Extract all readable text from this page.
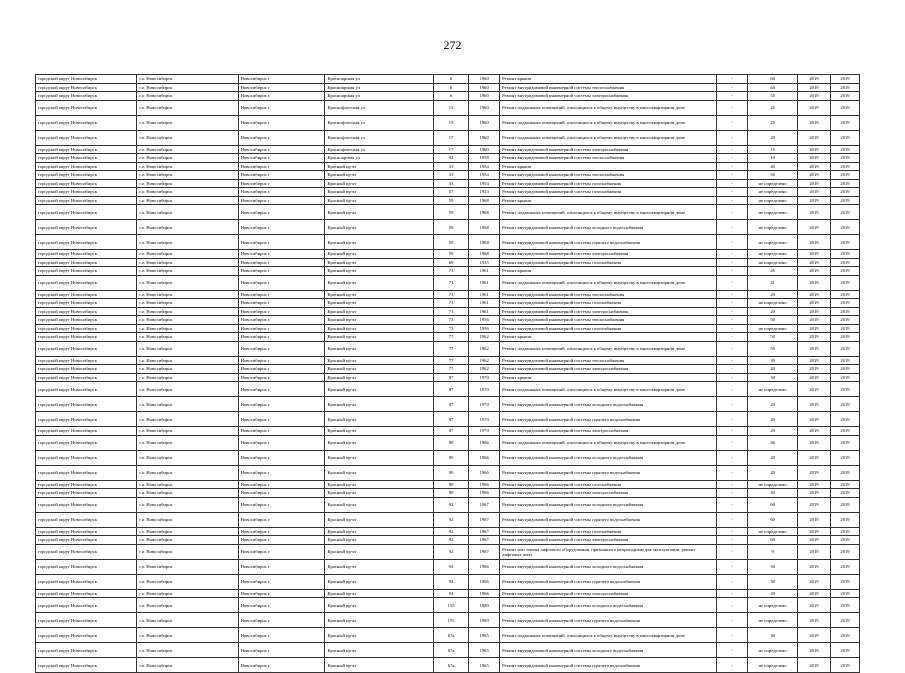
272
городской округ Новосибирск	г.о. Новосибирск	Новосибирск г	Красноярская ул	6	1960	Ремонт крыши	-	60	2019	2019
городской округ Новосибирск	г.о. Новосибирск	Новосибирск г	Красноярская ул	6	1960	Ремонт внутридомовой инженерной системы теплоснабжения	-	65	2019	2019
городской округ Новосибирск	г.о. Новосибирск	Новосибирск г	Красноярская ул	6	1960	Ремонт внутридомовой инженерной системы электроснабжения	-	55	2019	2019
городской округ Новосибирск	г.о. Новосибирск	Новосибирск г	Краснофлотская ул	13	1960	Ремонт подвальных помещений, относящихся к общему имуществу в многоквартирном доме	-	25	2019	2019
городской округ Новосибирск	г.о. Новосибирск	Новосибирск г	Краснофлотская ул	15	1960	Ремонт подвальных помещений, относящихся к общему имуществу в многоквартирном доме	-	25	2019	2019
городской округ Новосибирск	г.о. Новосибирск	Новосибирск г	Краснофлотская ул	17	1960	Ремонт подвальных помещений, относящихся к общему имуществу в многоквартирном доме	-	29	2019	2019
городской округ Новосибирск	г.о. Новосибирск	Новосибирск г	Краснофлотская ул	17	1960	Ремонт внутридомовой инженерной системы электроснабжения	-	15	2019	2019
городской округ Новосибирск	г.о. Новосибирск	Новосибирск г	Красноярская ул	32	1958	Ремонт внутридомовой инженерной системы теплоснабжения	-	10	2019	2019
городской округ Новосибирск	г.о. Новосибирск	Новосибирск г	Красный пр-кт	33	1954	Ремонт крыши	-	40	2019	2019
городской округ Новосибирск	г.о. Новосибирск	Новосибирск г	Красный пр-кт	33	1954	Ремонт внутридомовой инженерной системы теплоснабжения	-	50	2019	2019
городской округ Новосибирск	г.о. Новосибирск	Новосибирск г	Красный пр-кт	33	1954	Ремонт внутридомовой инженерной системы газоснабжения	-	не определено	2019	2019
городской округ Новосибирск	г.о. Новосибирск	Новосибирск г	Красный пр-кт	57	1933	Ремонт внутридомовой инженерной системы газоснабжения	-	не определено	2019	2019
городской округ Новосибирск	г.о. Новосибирск	Новосибирск г	Красный пр-кт	59	1968	Ремонт крыши	-	не определено	2019	2019
городской округ Новосибирск	г.о. Новосибирск	Новосибирск г	Красный пр-кт	59	1968	Ремонт подвальных помещений, относящихся к общему имуществу в многоквартирном доме	-	не определено	2019	2019
городской округ Новосибирск	г.о. Новосибирск	Новосибирск г	Красный пр-кт	59	1968	Ремонт внутридомовой инженерной системы холодного водоснабжения	-	не определено	2019	2019
городской округ Новосибирск	г.о. Новосибирск	Новосибирск г	Красный пр-кт	59	1968	Ремонт внутридомовой инженерной системы горячего водоснабжения	-	не определено	2019	2019
городской округ Новосибирск	г.о. Новосибирск	Новосибирск г	Красный пр-кт	59	1968	Ремонт внутридомовой инженерной системы электроснабжения	-	не определено	2019	2019
городской округ Новосибирск	г.о. Новосибирск	Новосибирск г	Красный пр-кт	69	1935	Ремонт внутридомовой инженерной системы газоснабжения	-	не определено	2019	2019
городской округ Новосибирск	г.о. Новосибирск	Новосибирск г	Красный пр-кт	71	1961	Ремонт крыши	-	45	2019	2019
городской округ Новосибирск	г.о. Новосибирск	Новосибирск г	Красный пр-кт	71	1961	Ремонт подвальных помещений, относящихся к общему имуществу в многоквартирном доме	-	41	2019	2019
городской округ Новосибирск	г.о. Новосибирск	Новосибирск г	Красный пр-кт	71	1961	Ремонт внутридомовой инженерной системы теплоснабжения	-	20	2019	2019
городской округ Новосибирск	г.о. Новосибирск	Новосибирск г	Красный пр-кт	71	1961	Ремонт внутридомовой инженерной системы газоснабжения	-	не определено	2019	2019
городской округ Новосибирск	г.о. Новосибирск	Новосибирск г	Красный пр-кт	71	1961	Ремонт внутридомовой инженерной системы электроснабжения	-	20	2019	2019
городской округ Новосибирск	г.о. Новосибирск	Новосибирск г	Красный пр-кт	73	1956	Ремонт внутридомовой инженерной системы теплоснабжения	-	50	2019	2019
городской округ Новосибирск	г.о. Новосибирск	Новосибирск г	Красный пр-кт	73	1956	Ремонт внутридомовой инженерной системы газоснабжения	-	не определено	2019	2019
городской округ Новосибирск	г.о. Новосибирск	Новосибирск г	Красный пр-кт	77	1962	Ремонт крыши	-	50	2019	2019
городской округ Новосибирск	г.о. Новосибирск	Новосибирск г	Красный пр-кт	77	1962	Ремонт подвальных помещений, относящихся к общему имуществу в многоквартирном доме	-	50	2019	2019
городской округ Новосибирск	г.о. Новосибирск	Новосибирск г	Красный пр-кт	77	1962	Ремонт внутридомовой инженерной системы теплоснабжения	-	30	2019	2019
городской округ Новосибирск	г.о. Новосибирск	Новосибирск г	Красный пр-кт	77	1962	Ремонт внутридомовой инженерной системы электроснабжения	-	20	2019	2019
городской округ Новосибирск	г.о. Новосибирск	Новосибирск г	Красный пр-кт	87	1970	Ремонт крыши	-	30	2019	2019
городской округ Новосибирск	г.о. Новосибирск	Новосибирск г	Красный пр-кт	87	1970	Ремонт подвальных помещений, относящихся к общему имуществу в многоквартирном доме	-	не определено	2019	2019
городской округ Новосибирск	г.о. Новосибирск	Новосибирск г	Красный пр-кт	87	1970	Ремонт внутридомовой инженерной системы холодного водоснабжения	-	20	2019	2019
городской округ Новосибирск	г.о. Новосибирск	Новосибирск г	Красный пр-кт	87	1970	Ремонт внутридомовой инженерной системы горячего водоснабжения	-	20	2019	2019
городской округ Новосибирск	г.о. Новосибирск	Новосибирск г	Красный пр-кт	87	1970	Ремонт внутридомовой инженерной системы электроснабжения	-	20	2019	2019
городской округ Новосибирск	г.о. Новосибирск	Новосибирск г	Красный пр-кт	90	1966	Ремонт подвальных помещений, относящихся к общему имуществу в многоквартирном доме	-	46	2019	2019
городской округ Новосибирск	г.о. Новосибирск	Новосибирск г	Красный пр-кт	90	1966	Ремонт внутридомовой инженерной системы холодного водоснабжения	-	20	2019	2019
городской округ Новосибирск	г.о. Новосибирск	Новосибирск г	Красный пр-кт	90	1966	Ремонт внутридомовой инженерной системы горячего водоснабжения	-	20	2019	2019
городской округ Новосибирск	г.о. Новосибирск	Новосибирск г	Красный пр-кт	90	1966	Ремонт внутридомовой инженерной системы газоснабжения	-	не определено	2019	2019
городской округ Новосибирск	г.о. Новосибирск	Новосибирск г	Красный пр-кт	90	1966	Ремонт внутридомовой инженерной системы электроснабжения	-	40	2019	2019
городской округ Новосибирск	г.о. Новосибирск	Новосибирск г	Красный пр-кт	92	1967	Ремонт внутридомовой инженерной системы холодного водоснабжения	-	60	2019	2019
городской округ Новосибирск	г.о. Новосибирск	Новосибирск г	Красный пр-кт	92	1967	Ремонт внутридомовой инженерной системы горячего водоснабжения	-	60	2019	2019
городской округ Новосибирск	г.о. Новосибирск	Новосибирск г	Красный пр-кт	92	1967	Ремонт внутридомовой инженерной системы газоснабжения	-	не определено	2019	2019
городской округ Новосибирск	г.о. Новосибирск	Новосибирск г	Красный пр-кт	92	1967	Ремонт внутридомовой инженерной системы электроснабжения	-	60	2019	2019
городской округ Новосибирск	г.о. Новосибирск	Новосибирск г	Красный пр-кт	92	1967	Ремонт или замена лифтового оборудования, признанного непригодным для эксплуатации, ремонт лифтовых шахт	-	9	2019	2019
городской округ Новосибирск	г.о. Новосибирск	Новосибирск г	Красный пр-кт	94	1966	Ремонт внутридомовой инженерной системы холодного водоснабжения	-	30	2019	2019
городской округ Новосибирск	г.о. Новосибирск	Новосибирск г	Красный пр-кт	94	1966	Ремонт внутридомовой инженерной системы горячего водоснабжения	-	30	2019	2019
городской округ Новосибирск	г.о. Новосибирск	Новосибирск г	Красный пр-кт	94	1966	Ремонт внутридомовой инженерной системы электроснабжения	-	20	2019	2019
городской округ Новосибирск	г.о. Новосибирск	Новосибирск г	Красный пр-кт	155	1980	Ремонт внутридомовой инженерной системы холодного водоснабжения	-	не определено	2019	2019
городской округ Новосибирск	г.о. Новосибирск	Новосибирск г	Красный пр-кт	155	1980	Ремонт внутридомовой инженерной системы горячего водоснабжения	-	не определено	2019	2019
городской округ Новосибирск	г.о. Новосибирск	Новосибирск г	Красный пр-кт	67а	1965	Ремонт подвальных помещений, относящихся к общему имуществу в многоквартирном доме	-	30	2019	2019
городской округ Новосибирск	г.о. Новосибирск	Новосибирск г	Красный пр-кт	67а	1965	Ремонт внутридомовой инженерной системы холодного водоснабжения	-	не определено	2019	2019
городской округ Новосибирск	г.о. Новосибирск	Новосибирск г	Красный пр-кт	67а	1965	Ремонт внутридомовой инженерной системы горячего водоснабжения	-	не определено	2019	2019
